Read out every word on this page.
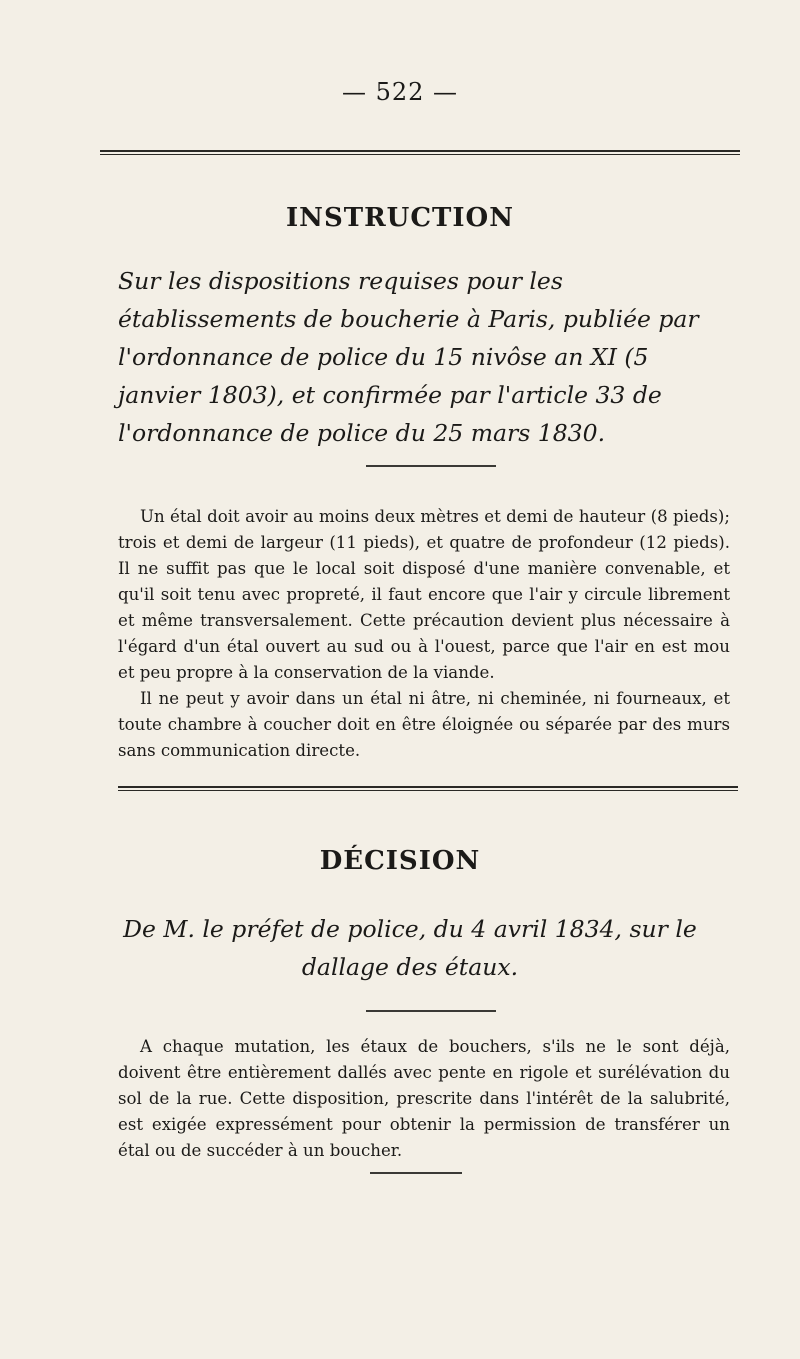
— 522 —
INSTRUCTION
Sur les dispositions requises pour les établissements de boucherie à Paris, publiée par l'ordonnance de police du 15 nivôse an XI (5 janvier 1803), et confirmée par l'article 33 de l'ordonnance de police du 25 mars 1830.
Un étal doit avoir au moins deux mètres et demi de hauteur (8 pieds); trois et demi de largeur (11 pieds), et quatre de profondeur (12 pieds). Il ne suffit pas que le local soit disposé d'une manière convenable, et qu'il soit tenu avec propreté, il faut encore que l'air y circule librement et même transversalement. Cette précaution devient plus nécessaire à l'égard d'un étal ouvert au sud ou à l'ouest, parce que l'air en est mou et peu propre à la conservation de la viande.
Il ne peut y avoir dans un étal ni âtre, ni cheminée, ni fourneaux, et toute chambre à coucher doit en être éloignée ou séparée par des murs sans communication directe.
DÉCISION
De M. le préfet de police, du 4 avril 1834, sur le dallage des étaux.
A chaque mutation, les étaux de bouchers, s'ils ne le sont déjà, doivent être entièrement dallés avec pente en rigole et surélévation du sol de la rue. Cette disposition, prescrite dans l'intérêt de la salubrité, est exigée expressément pour obtenir la permission de transférer un étal ou de succéder à un boucher.
